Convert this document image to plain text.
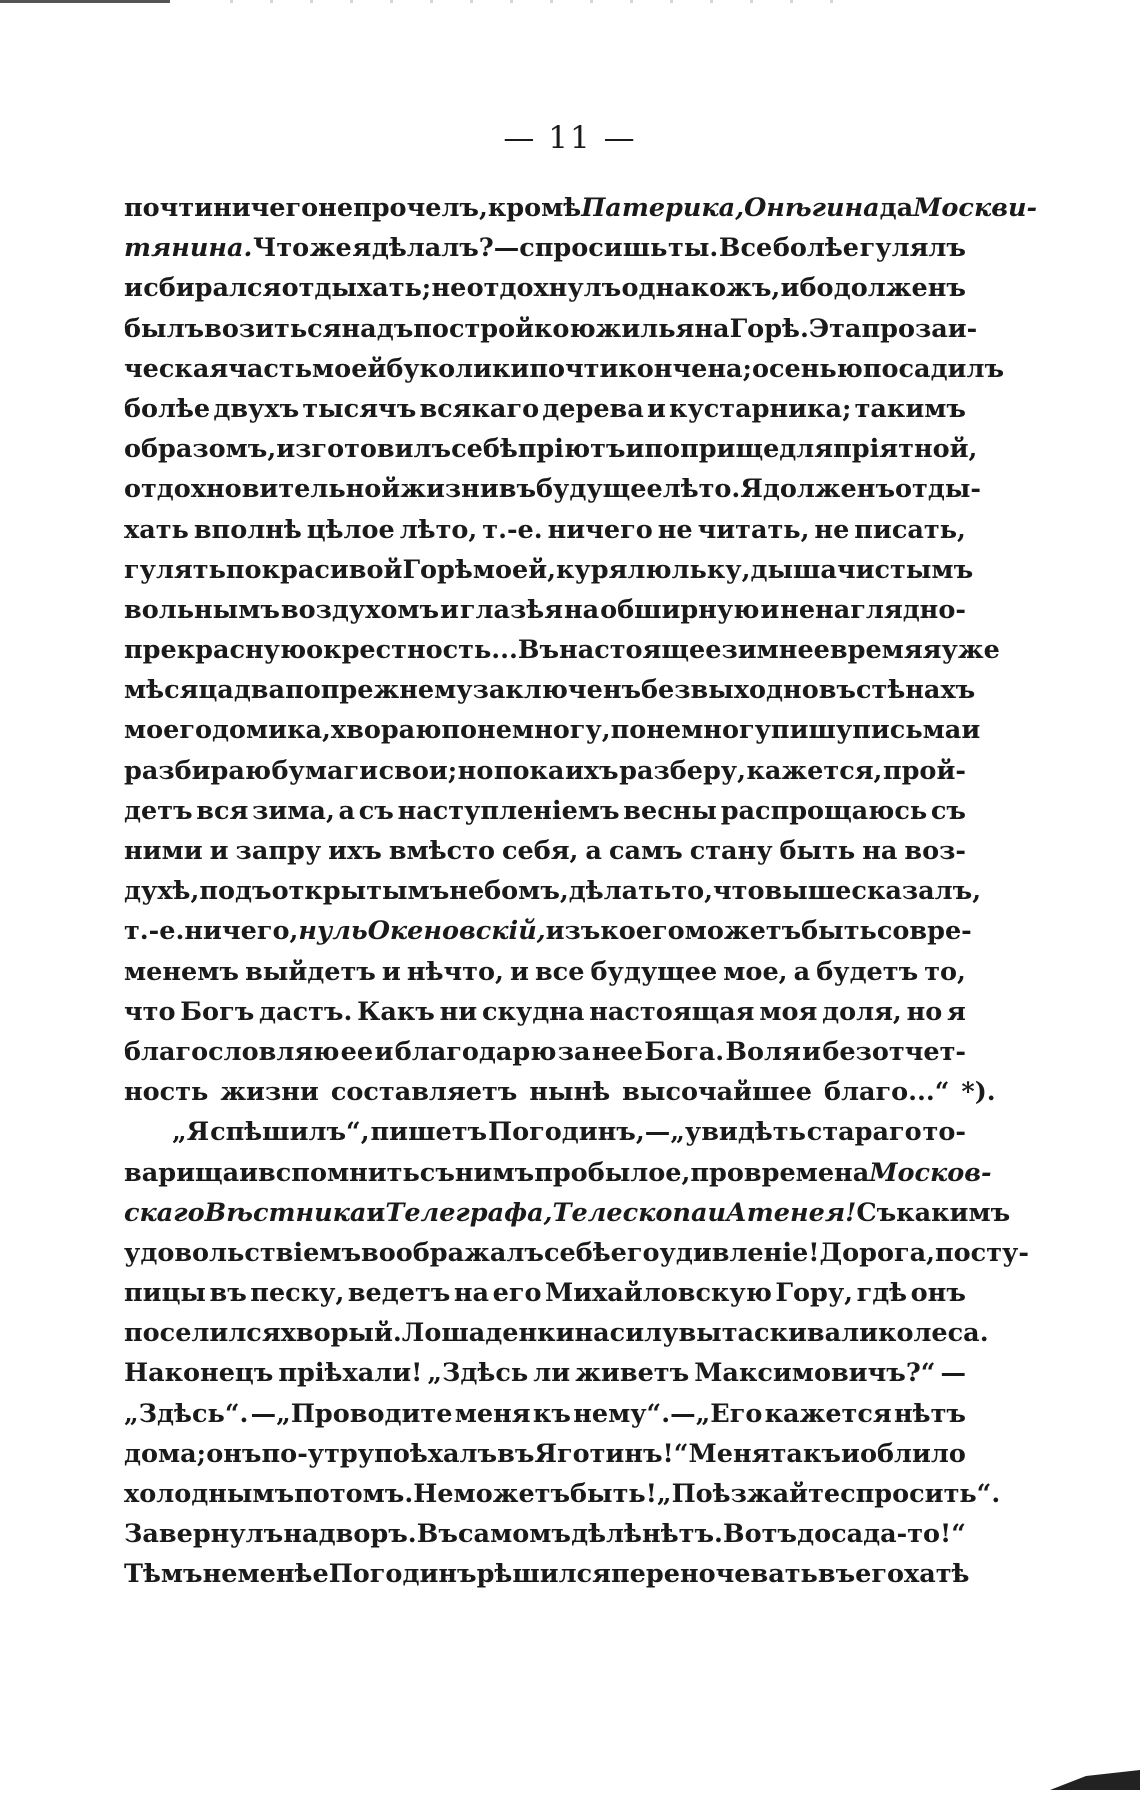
— 11 —
почти ничего не прочелъ, кромѣ Патерика, Онѣгина да Москви-
тянина. Что же я дѣлалъ?—спросишь ты. Все болѣе гулялъ
и сбирался отдыхать; не отдохнулъ однакожъ, ибо долженъ
былъ возиться надъ постройкою жилья на Горѣ. Эта прозаи-
ческая часть моей буколики почти кончена; осенью посадилъ
болѣе двухъ тысячъ всякаго дерева и кустарника; такимъ
образомъ, изготовилъ себѣ пріютъ и поприще для пріятной,
отдохновительной жизни въ будущее лѣто. Я долженъ отды-
хать вполнѣ цѣлое лѣто, т.-е. ничего не читать, не писать,
гулять по красивой Горѣ моей, куря люльку, дыша чистымъ
вольнымъ воздухомъ и глазѣя на обширную и ненаглядно-
прекрасную окрестность... Въ настоящее зимнее время я уже
мѣсяца два по прежнему заключенъ безвыходно въ стѣнахъ
моего домика, хвораю понемногу, понемногу пишу письма и
разбираю бумаги свои; но пока ихъ разберу, кажется, прой-
детъ вся зима, а съ наступленіемъ весны распрощаюсь съ
ними и запру ихъ вмѣсто себя, а самъ стану быть на воз-
духѣ, подъ открытымъ небомъ, дѣлать то, что выше сказалъ,
т.-е. ничего, нуль Океновскій, изъ коего можетъ быть со вре-
менемъ выйдетъ и нѣчто, и все будущее мое, а будетъ то,
что Богъ дастъ. Какъ ни скудна настоящая моя доля, но я
благословляю ее и благодарю за нее Бога. Воля и безотчет-
ность жизни составляетъ нынѣ высочайшее благо...“ *).
„Я спѣшилъ“, пишетъ Погодинъ,—„увидѣть стараго то-
варища и вспомнить съ нимъ про былое, про времена Москов-
скаго Вѣстника и Телеграфа, Телескопа и Атенея! Съ какимъ
удовольствіемъ воображалъ себѣ его удивленіе! Дорога, по сту-
пицы въ песку, ведетъ на его Михайловскую Гору, гдѣ онъ
поселился хворый. Лошаденки насилу вытаскивали колеса.
Наконецъ пріѣхали! „Здѣсь ли живетъ Максимовичъ?“ —
„Здѣсь“. —„Проводите меня къ нему“.—„Его кажется нѣтъ
дома; онъ по-утру поѣхалъ въ Яготинъ!“ Меня такъ и облило
холоднымъ потомъ. Не можетъ быть! „Поѣзжайте спросить“.
Завернулъ на дворъ. Въ самомъ дѣлѣ нѣтъ. Вотъ досада-то!“
Тѣмъ не менѣе Погодинъ рѣшился переночевать въ его хатѣ
